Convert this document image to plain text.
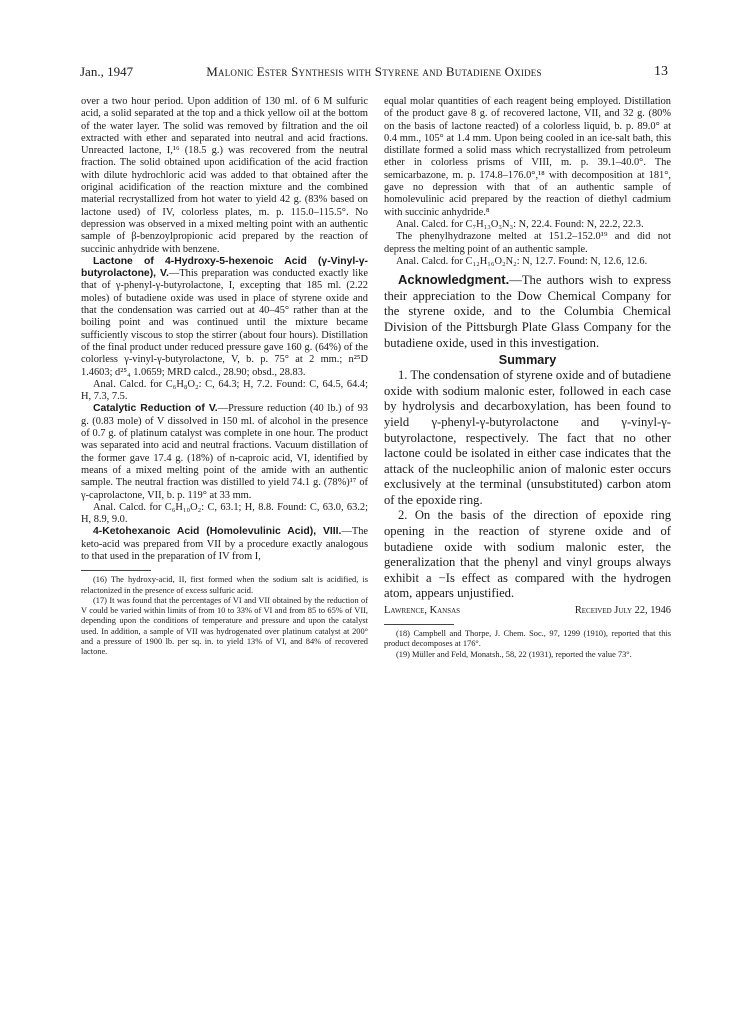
Jan., 1947	Malonic Ester Synthesis with Styrene and Butadiene Oxides	13

over a two hour period. Upon addition of 130 ml. of 6 M sulfuric acid, a solid separated at the top and a thick yellow oil at the bottom of the water layer. The solid was removed by filtration and the oil extracted with ether and separated into neutral and acid fractions. Unreacted lactone, I,¹⁶ (18.5 g.) was recovered from the neutral fraction. The solid obtained upon acidification of the acid fraction with dilute hydrochloric acid was added to that obtained after the original acidification of the reaction mixture and the combined material recrystallized from hot water to yield 42 g. (83% based on lactone used) of IV, colorless plates, m. p. 115.0–115.5°. No depression was observed in a mixed melting point with an authentic sample of β-benzoylpropionic acid prepared by the reaction of succinic anhydride with benzene.

Lactone of 4-Hydroxy-5-hexenoic Acid (γ-Vinyl-γ-butyrolactone), V.—This preparation was conducted exactly like that of γ-phenyl-γ-butyrolactone, I, excepting that 185 ml. (2.22 moles) of butadiene oxide was used in place of styrene oxide and that the condensation was carried out at 40–45° rather than at the boiling point and was continued until the mixture became sufficiently viscous to stop the stirrer (about four hours). Distillation of the final product under reduced pressure gave 160 g. (64%) of the colorless γ-vinyl-γ-butyrolactone, V, b. p. 75° at 2 mm.; n²⁵D 1.4603; d²⁵₄ 1.0659; MRD calcd., 28.90; obsd., 28.83.

Anal. Calcd. for C₆H₈O₂: C, 64.3; H, 7.2. Found: C, 64.5, 64.4; H, 7.3, 7.5.

Catalytic Reduction of V.—Pressure reduction (40 lb.) of 93 g. (0.83 mole) of V dissolved in 150 ml. of alcohol in the presence of 0.7 g. of platinum catalyst was complete in one hour. The product was separated into acid and neutral fractions. Vacuum distillation of the former gave 17.4 g. (18%) of n-caproic acid, VI, identified by means of a mixed melting point of the amide with an authentic sample. The neutral fraction was distilled to yield 74.1 g. (78%)¹⁷ of γ-caprolactone, VII, b. p. 119° at 33 mm.

Anal. Calcd. for C₆H₁₀O₂: C, 63.1; H, 8.8. Found: C, 63.0, 63.2; H, 8.9, 9.0.

4-Ketohexanoic Acid (Homolevulinic Acid), VIII.—The keto-acid was prepared from VII by a procedure exactly analogous to that used in the preparation of IV from I,

(16) The hydroxy-acid, II, first formed when the sodium salt is acidified, is relactonized in the presence of excess sulfuric acid.

(17) It was found that the percentages of VI and VII obtained by the reduction of V could be varied within limits of from 10 to 33% of VI and from 85 to 65% of VII, depending upon the conditions of temperature and pressure and upon the catalyst used. In addition, a sample of VII was hydrogenated over platinum catalyst at 200° and a pressure of 1900 lb. per sq. in. to yield 13% of VI, and 84% of recovered lactone.

equal molar quantities of each reagent being employed. Distillation of the product gave 8 g. of recovered lactone, VII, and 32 g. (80% on the basis of lactone reacted) of a colorless liquid, b. p. 89.0° at 0.4 mm., 105° at 1.4 mm. Upon being cooled in an ice-salt bath, this distillate formed a solid mass which recrystallized from petroleum ether in colorless prisms of VIII, m. p. 39.1–40.0°. The semicarbazone, m. p. 174.8–176.0°,¹⁸ with decomposition at 181°, gave no depression with that of an authentic sample of homolevulinic acid prepared by the reaction of diethyl cadmium with succinic anhydride.⁸

Anal. Calcd. for C₇H₁₃O₃N₃: N, 22.4. Found: N, 22.2, 22.3.

The phenylhydrazone melted at 151.2–152.0¹⁹ and did not depress the melting point of an authentic sample.

Anal. Calcd. for C₁₂H₁₆O₂N₂: N, 12.7. Found: N, 12.6, 12.6.

Acknowledgment.—The authors wish to express their appreciation to the Dow Chemical Company for the styrene oxide, and to the Columbia Chemical Division of the Pittsburgh Plate Glass Company for the butadiene oxide, used in this investigation.

Summary

1. The condensation of styrene oxide and of butadiene oxide with sodium malonic ester, followed in each case by hydrolysis and decarboxylation, has been found to yield γ-phenyl-γ-butyrolactone and γ-vinyl-γ-butyrolactone, respectively. The fact that no other lactone could be isolated in either case indicates that the attack of the nucleophilic anion of malonic ester occurs exclusively at the terminal (unsubstituted) carbon atom of the epoxide ring.

2. On the basis of the direction of epoxide ring opening in the reaction of styrene oxide and of butadiene oxide with sodium malonic ester, the generalization that the phenyl and vinyl groups always exhibit a −Is effect as compared with the hydrogen atom, appears unjustified.

Lawrence, Kansas	Received July 22, 1946

(18) Campbell and Thorpe, J. Chem. Soc., 97, 1299 (1910), reported that this product decomposes at 176°.

(19) Müller and Feld, Monatsh., 58, 22 (1931), reported the value 73°.
